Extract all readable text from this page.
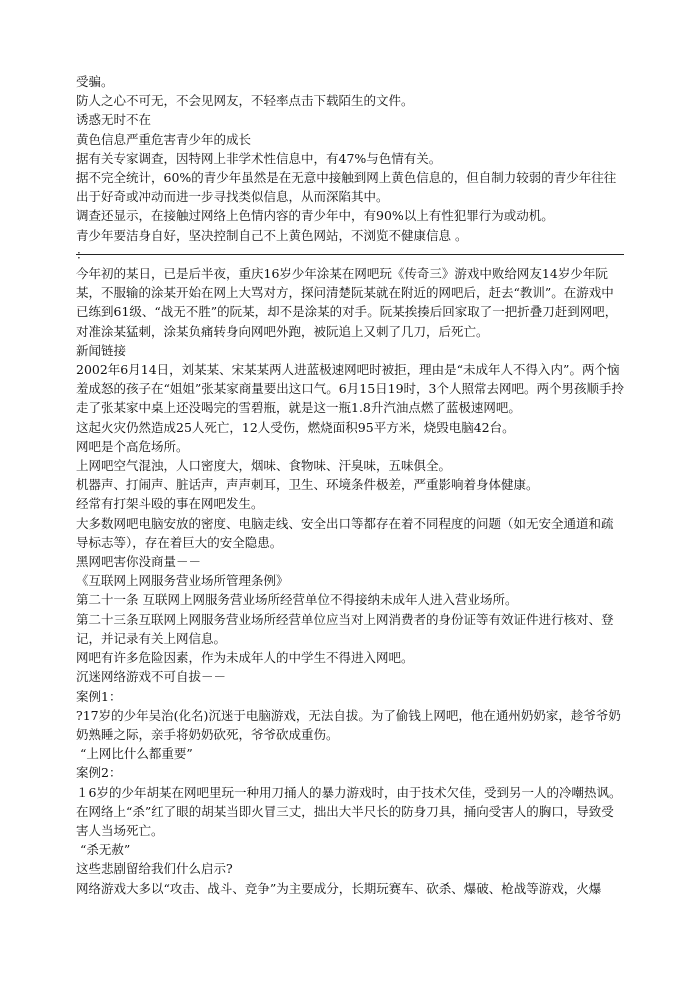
受骗。
防人之心不可无，不会见网友，不轻率点击下载陌生的文件。
诱惑无时不在
黄色信息严重危害青少年的成长
据有关专家调查，因特网上非学术性信息中，有47%与色情有关。
据不完全统计，60%的青少年虽然是在无意中接触到网上黄色信息的，但自制力较弱的青少年往往出于好奇或冲动而进一步寻找类似信息，从而深陷其中。
调查还显示，在接触过网络上色情内容的青少年中，有90%以上有性犯罪行为或动机。
青少年要洁身自好，坚决控制自己不上黄色网站，不浏览不健康信息 。
：
今年初的某日，已是后半夜，重庆16岁少年涂某在网吧玩《传奇三》游戏中败给网友14岁少年阮某，不服输的涂某开始在网上大骂对方，探问清楚阮某就在附近的网吧后，赶去“教训”。在游戏中已练到61级、“战无不胜”的阮某，却不是涂某的对手。阮某挨揍后回家取了一把折叠刀赶到网吧，对准涂某猛刺，涂某负痛转身向网吧外跑，被阮追上又刺了几刀，后死亡。
新闻链接
2002年6月14日，刘某某、宋某某两人进蓝极速网吧时被拒，理由是“未成年人不得入内”。两个恼羞成怒的孩子在“姐姐”张某家商量要出这口气。6月15日19时，3个人照常去网吧。两个男孩顺手拎走了张某家中桌上还没喝完的雪碧瓶，就是这一瓶1.8升汽油点燃了蓝极速网吧。
这起火灾仍然造成25人死亡，12人受伤，燃烧面积95平方米，烧毁电脑42台。
网吧是个高危场所。
上网吧空气混浊，人口密度大，烟味、食物味、汗臭味，五味俱全。
机器声、打闹声、脏话声，声声刺耳，卫生、环境条件极差，严重影响着身体健康。
经常有打架斗殴的事在网吧发生。
大多数网吧电脑安放的密度、电脑走线、安全出口等都存在着不同程度的问题（如无安全通道和疏导标志等），存在着巨大的安全隐患。
黑网吧害你没商量－－
《互联网上网服务营业场所管理条例》
第二十一条 互联网上网服务营业场所经营单位不得接纳未成年人进入营业场所。
第二十三条互联网上网服务营业场所经营单位应当对上网消费者的身份证等有效证件进行核对、登记，并记录有关上网信息。
网吧有许多危险因素，作为未成年人的中学生不得进入网吧。
沉迷网络游戏不可自拔－－
案例1：
?17岁的少年吴治(化名)沉迷于电脑游戏，无法自拔。为了偷钱上网吧，他在通州奶奶家，趁爷爷奶奶熟睡之际，亲手将奶奶砍死，爷爷砍成重伤。
“上网比什么都重要”
案例2：
１6岁的少年胡某在网吧里玩一种用刀捅人的暴力游戏时，由于技术欠佳，受到另一人的冷嘲热讽。在网络上“杀”红了眼的胡某当即火冒三丈，拙出大半尺长的防身刀具，捅向受害人的胸口，导致受害人当场死亡。
“杀无赦”
这些悲剧留给我们什么启示?
网络游戏大多以“攻击、战斗、竞争”为主要成分，长期玩赛车、砍杀、爆破、枪战等游戏，火爆
